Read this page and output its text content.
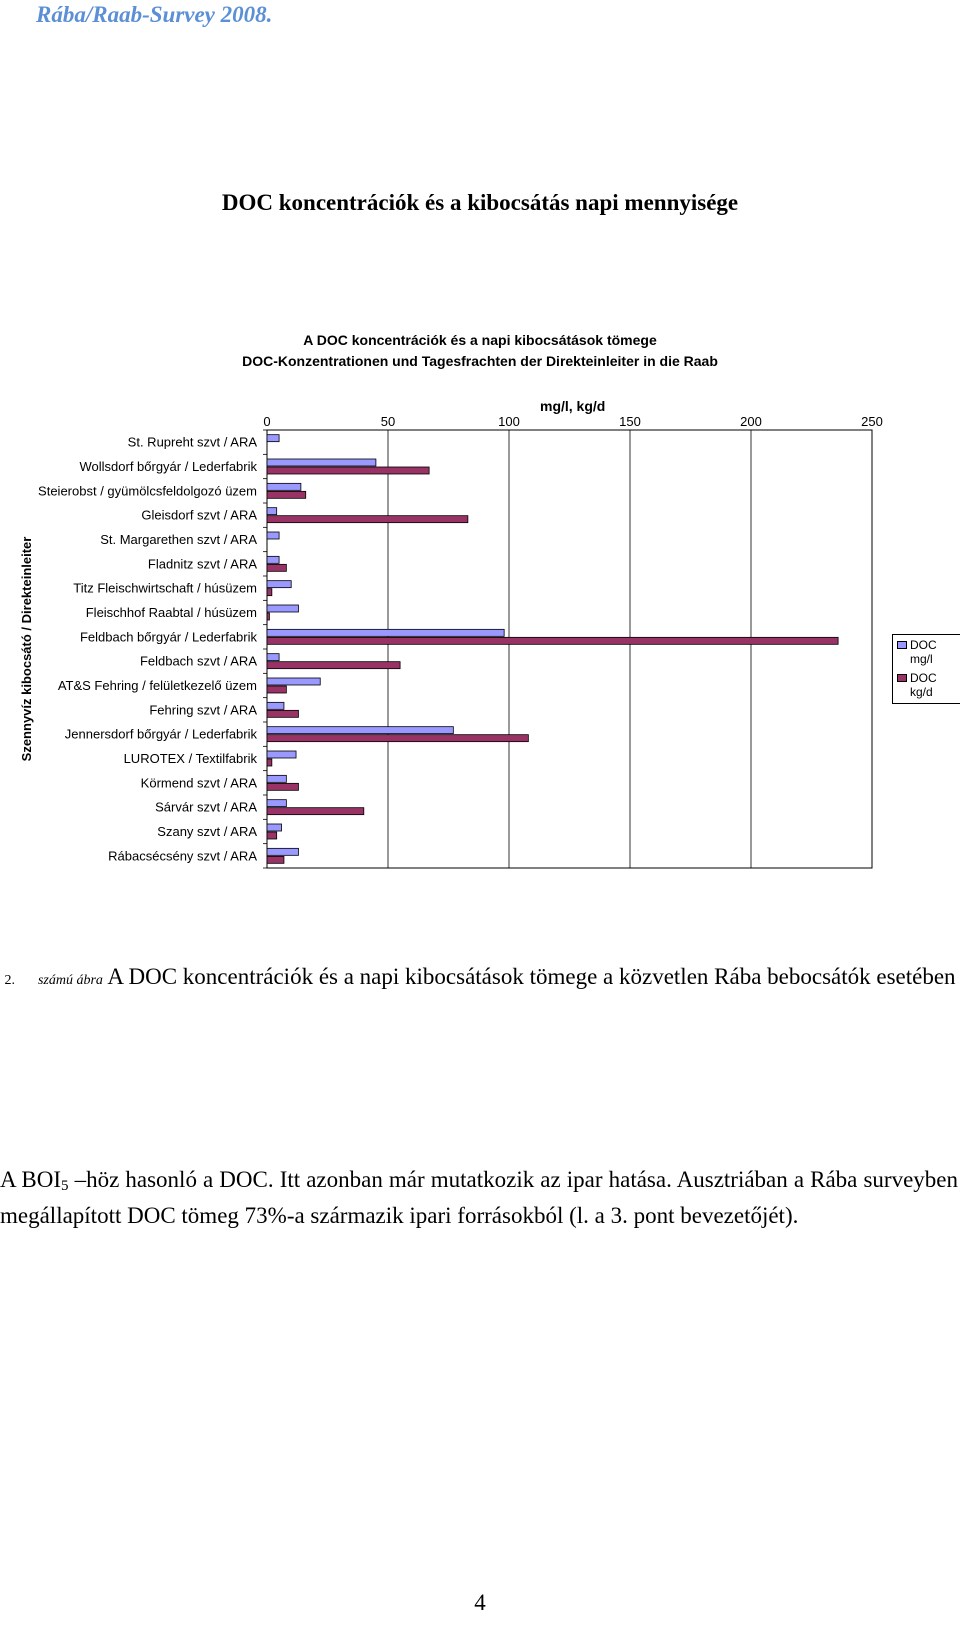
Rába/Raab-Survey 2008.
DOC koncentrációk és a kibocsátás napi mennyisége
A DOC koncentrációk és a napi kibocsátások tömege
DOC-Konzentrationen und Tagesfrachten der Direkteinleiter in die Raab
mg/l, kg/d
0	50	100	150	200	250
St. Rupreht szvt / ARA
Wollsdorf bőrgyár / Lederfabrik
Steierobst / gyümölcsfeldolgozó üzem
Gleisdorf szvt / ARA
St. Margarethen szvt / ARA
Fladnitz szvt / ARA
Titz Fleischwirtschaft / húsüzem
Fleischhof Raabtal / húsüzem
Feldbach bőrgyár / Lederfabrik
Feldbach szvt / ARA
AT&S Fehring / felületkezelő üzem
Fehring szvt / ARA
Jennersdorf bőrgyár / Lederfabrik
LUROTEX / Textilfabrik
Körmend szvt / ARA
Sárvár szvt / ARA
Szany szvt / ARA
Rábacsécsény szvt / ARA
Szennyvíz kibocsátó / Direkteinleiter	DOC
mg/l
DOC
kg/d
2. számú ábra A DOC koncentrációk és a napi kibocsátások tömege a közvetlen Rába bebocsátók esetében
A $BOI_5$ –höz hasonló a DOC. Itt azonban már mutatkozik az ipar hatása. Ausztriában a Rába surveyben megállapított DOC tömeg 73%-a származik ipari forrásokból (l. a 3. pont bevezetőjét).
4
